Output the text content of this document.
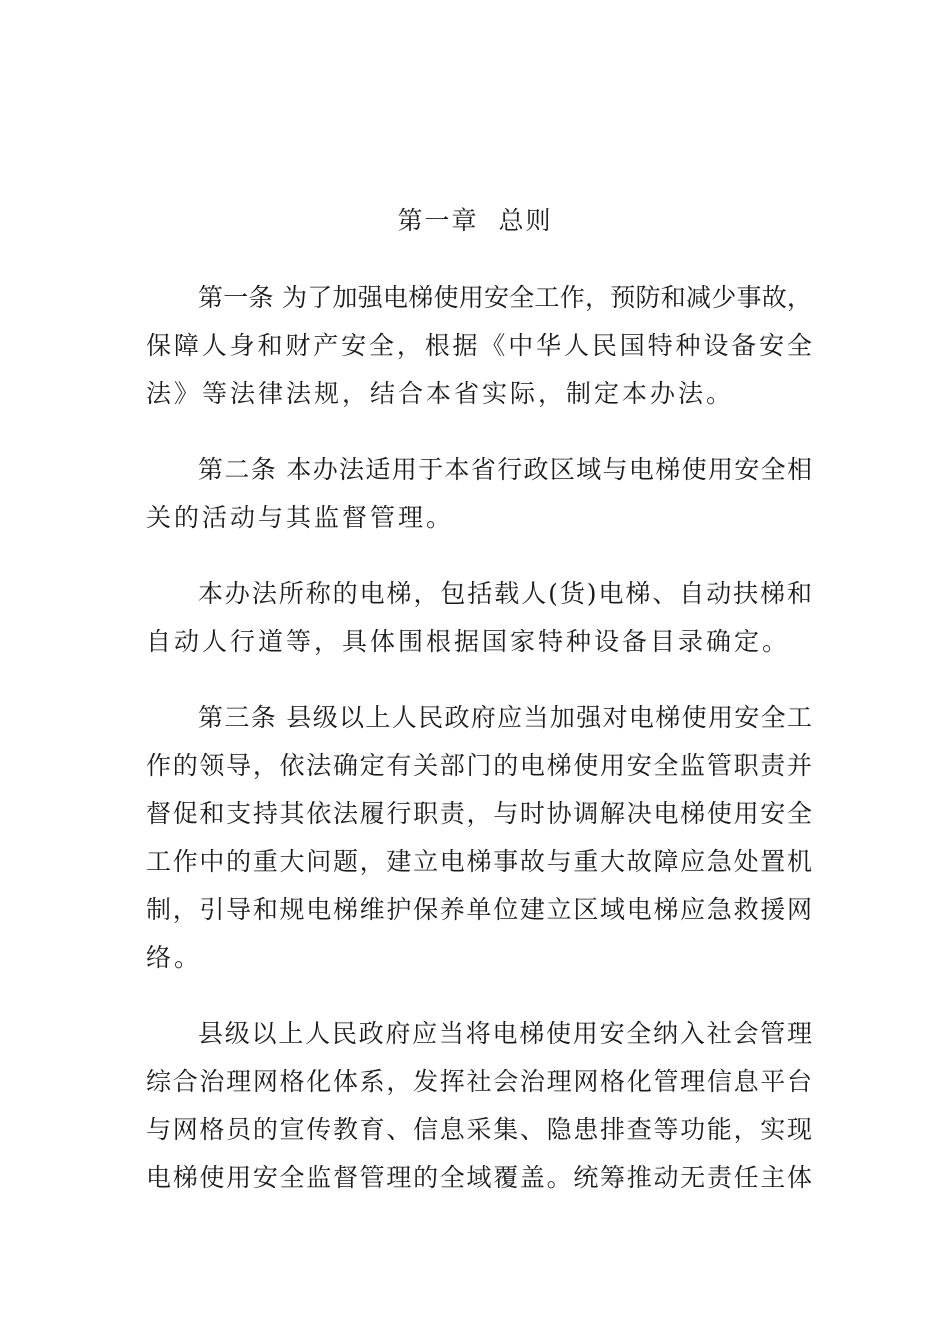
第一章  总则
第一条 为了加强电梯使用安全工作，预防和减少事故，
保障人身和财产安全，根据《中华人民国特种设备安全
法》等法律法规，结合本省实际，制定本办法。
第二条 本办法适用于本省行政区域与电梯使用安全相
关的活动与其监督管理。
本办法所称的电梯，包括载人(货)电梯、自动扶梯和
自动人行道等，具体围根据国家特种设备目录确定。
第三条 县级以上人民政府应当加强对电梯使用安全工
作的领导，依法确定有关部门的电梯使用安全监管职责并
督促和支持其依法履行职责，与时协调解决电梯使用安全
工作中的重大问题，建立电梯事故与重大故障应急处置机
制，引导和规电梯维护保养单位建立区域电梯应急救援网
络。
县级以上人民政府应当将电梯使用安全纳入社会管理
综合治理网格化体系，发挥社会治理网格化管理信息平台
与网格员的宣传教育、信息采集、隐患排查等功能，实现
电梯使用安全监督管理的全域覆盖。统筹推动无责任主体
